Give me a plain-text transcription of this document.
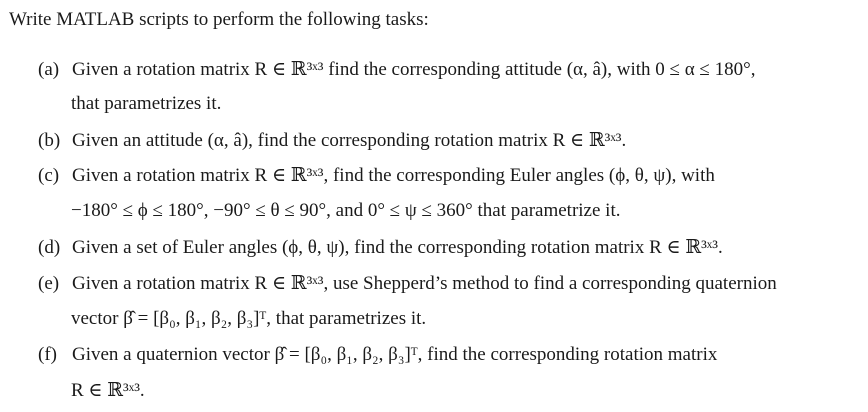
Write MATLAB scripts to perform the following tasks:
(a) Given a rotation matrix R ∈ ℝ³ˣ³ find the corresponding attitude (α, â), with 0 ≤ α ≤ 180°,
that parametrizes it.
(b) Given an attitude (α, â), find the corresponding rotation matrix R ∈ ℝ³ˣ³.
(c) Given a rotation matrix R ∈ ℝ³ˣ³, find the corresponding Euler angles (ϕ, θ, ψ), with
−180° ≤ ϕ ≤ 180°, −90° ≤ θ ≤ 90°, and 0° ≤ ψ ≤ 360° that parametrize it.
(d) Given a set of Euler angles (ϕ, θ, ψ), find the corresponding rotation matrix R ∈ ℝ³ˣ³.
(e) Given a rotation matrix R ∈ ℝ³ˣ³, use Shepperd’s method to find a corresponding quaternion
vector β̂ = [β₀, β₁, β₂, β₃]ᵀ, that parametrizes it.
(f) Given a quaternion vector β̂ = [β₀, β₁, β₂, β₃]ᵀ, find the corresponding rotation matrix
R ∈ ℝ³ˣ³.
